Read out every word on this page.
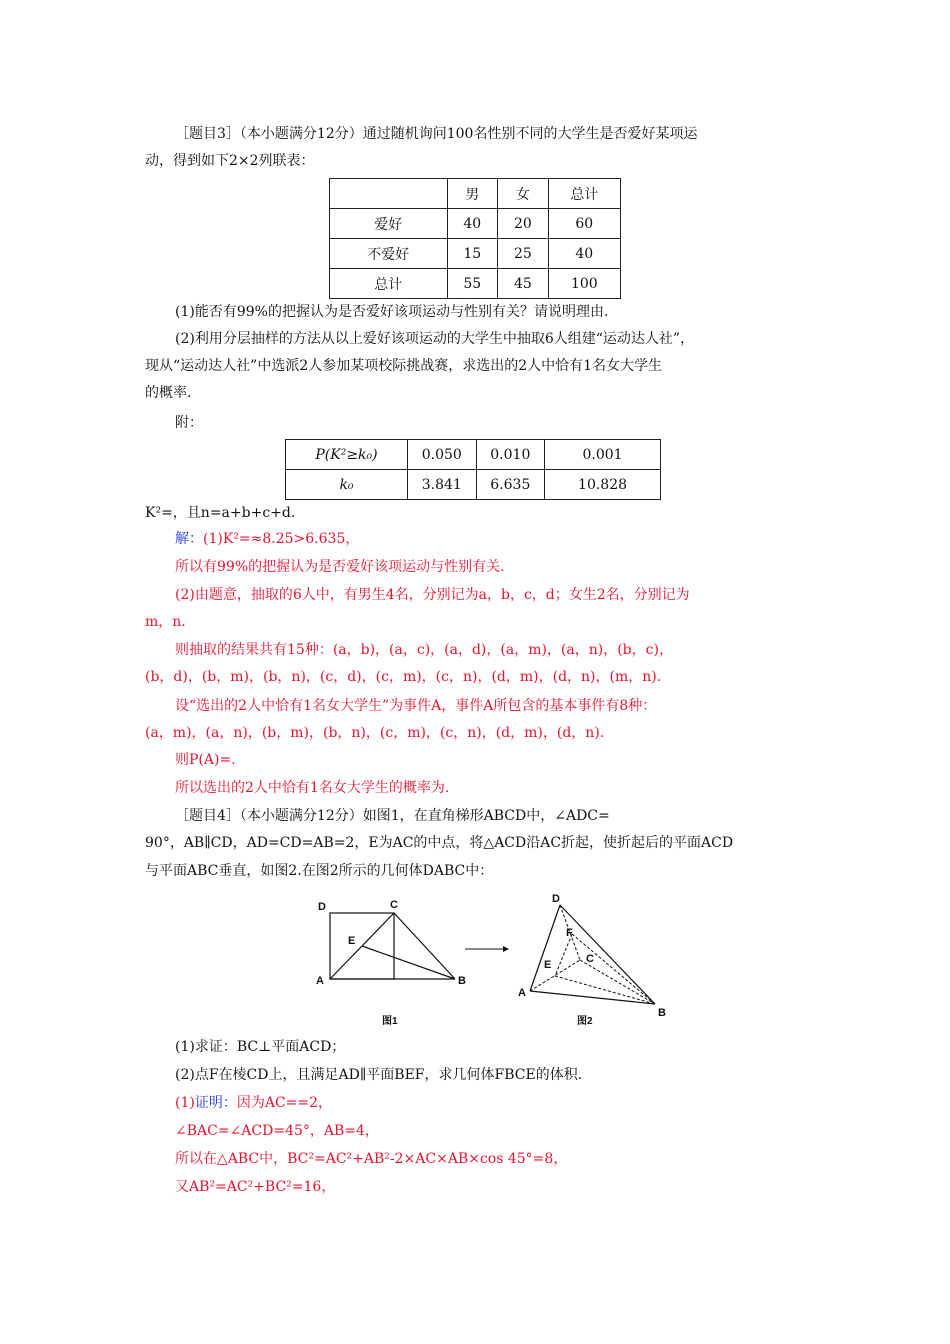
［题目3］（本小题满分12分）通过随机询问100名性别不同的大学生是否爱好某项运
动，得到如下2×2列联表：
	男	女	总计
爱好	40	20	60
不爱好	15	25	40
总计	55	45	100
(1)能否有99%的把握认为是否爱好该项运动与性别有关？请说明理由.
(2)利用分层抽样的方法从以上爱好该项运动的大学生中抽取6人组建“运动达人社”，
现从“运动达人社”中选派2人参加某项校际挑战赛，求选出的2人中恰有1名女大学生
的概率.
附：
P(K²≥k₀)	0.050	0.010	0.001
k₀	3.841	6.635	10.828
K²=，且n=a+b+c+d.
解：(1)K²=≈8.25>6.635，
所以有99%的把握认为是否爱好该项运动与性别有关.
(2)由题意，抽取的6人中，有男生4名，分别记为a，b，c，d；女生2名，分别记为
m，n.
则抽取的结果共有15种：(a，b)，(a，c)，(a，d)，(a，m)，(a，n)，(b，c)，
(b，d)，(b，m)，(b，n)，(c，d)，(c，m)，(c，n)，(d，m)，(d，n)，(m，n).
设“选出的2人中恰有1名女大学生”为事件A，事件A所包含的基本事件有8种：
(a，m)，(a，n)，(b，m)，(b，n)，(c，m)，(c，n)，(d，m)，(d，n).
则P(A)=.
所以选出的2人中恰有1名女大学生的概率为.
［题目4］（本小题满分12分）如图1，在直角梯形ABCD中，∠ADC=
90°，AB∥CD，AD=CD=AB=2，E为AC的中点，将△ACD沿AC折起，使折起后的平面ACD
与平面ABC垂直，如图2.在图2所示的几何体DABC中：
D	C
E
A	B
图1
D
F
C
E
A
B
图2
(1)求证：BC⊥平面ACD；
(2)点F在棱CD上，且满足AD∥平面BEF，求几何体FBCE的体积.
(1)证明：因为AC==2，
∠BAC=∠ACD=45°，AB=4，
所以在△ABC中，BC²=AC²+AB²-2×AC×AB×cos 45°=8，
又AB²=AC²+BC²=16，
